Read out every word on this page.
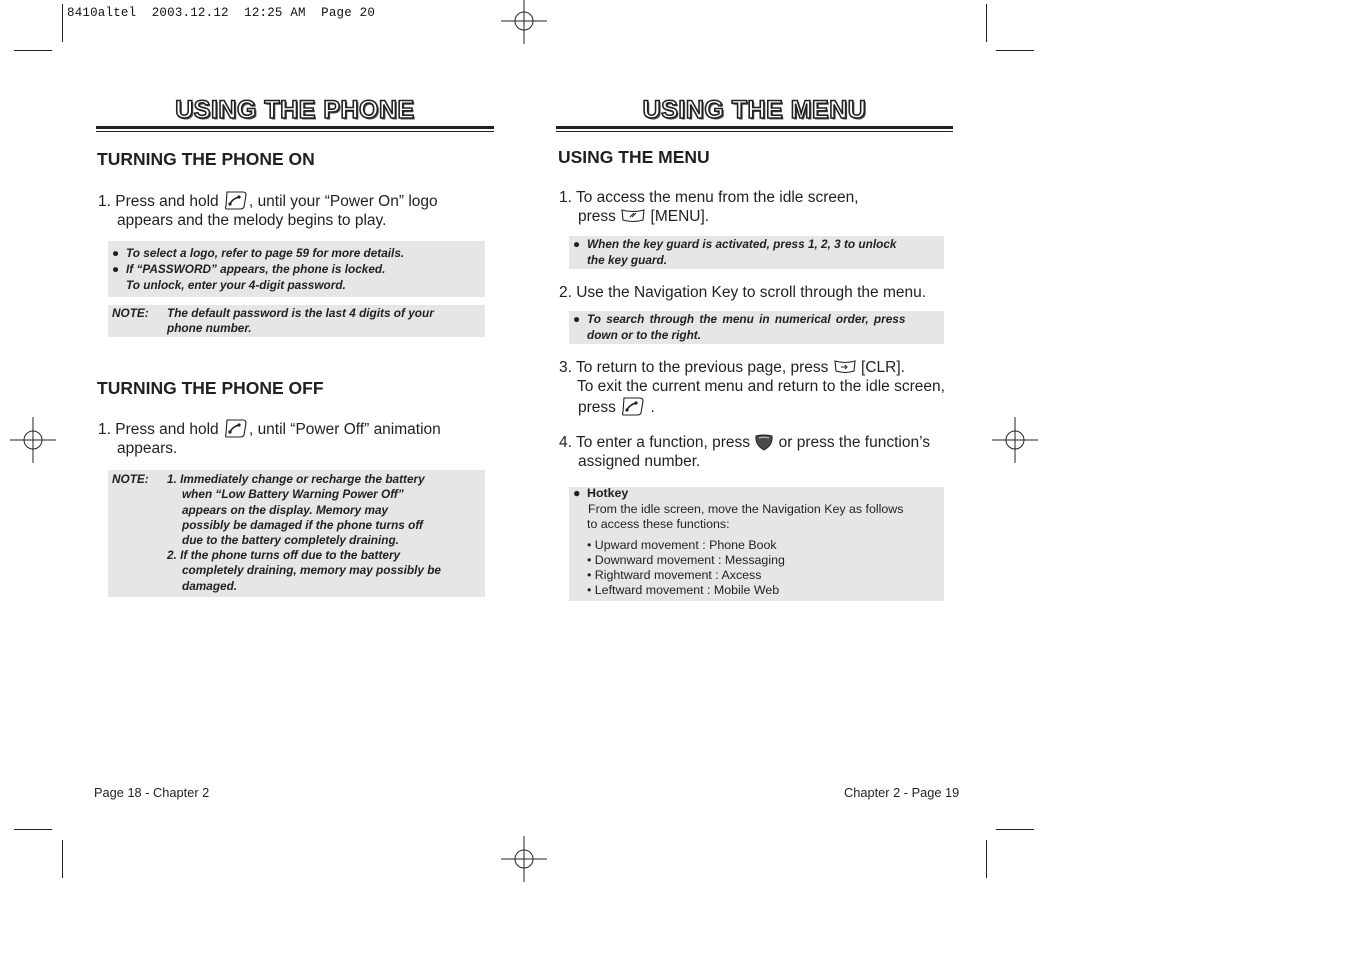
8410altel  2003.12.12  12:25 AM  Page 20
USING THE PHONE
TURNING THE PHONE ON
1. Press and hold , until your “Power On” logo
appears and the melody begins to play.
● To select a logo, refer to page 59 for more details.
● If “PASSWORD” appears, the phone is locked.
To unlock, enter your 4-digit password.
NOTE: The default password is the last 4 digits of your
phone number.
TURNING THE PHONE OFF
1. Press and hold , until “Power Off” animation
appears.
NOTE: 1. Immediately change or recharge the battery
when “Low Battery Warning Power Off”
appears on the display. Memory may
possibly be damaged if the phone turns off
due to the battery completely draining.
2. If the phone turns off due to the battery
completely draining, memory may possibly be
damaged.
Page 18 - Chapter 2
USING THE MENU
USING THE MENU
1. To access the menu from the idle screen,
press [MENU].
● When the key guard is activated, press 1, 2, 3 to unlock
the key guard.
2. Use the Navigation Key to scroll through the menu.
● To search through the menu in numerical order, press
down or to the right.
3. To return to the previous page, press [CLR].
To exit the current menu and return to the idle screen,
press .
4. To enter a function, press or press the function’s
assigned number.
● Hotkey
From the idle screen, move the Navigation Key as follows
to access these functions:
• Upward movement : Phone Book
• Downward movement : Messaging
• Rightward movement : Axcess
• Leftward movement : Mobile Web
Chapter 2 - Page 19
